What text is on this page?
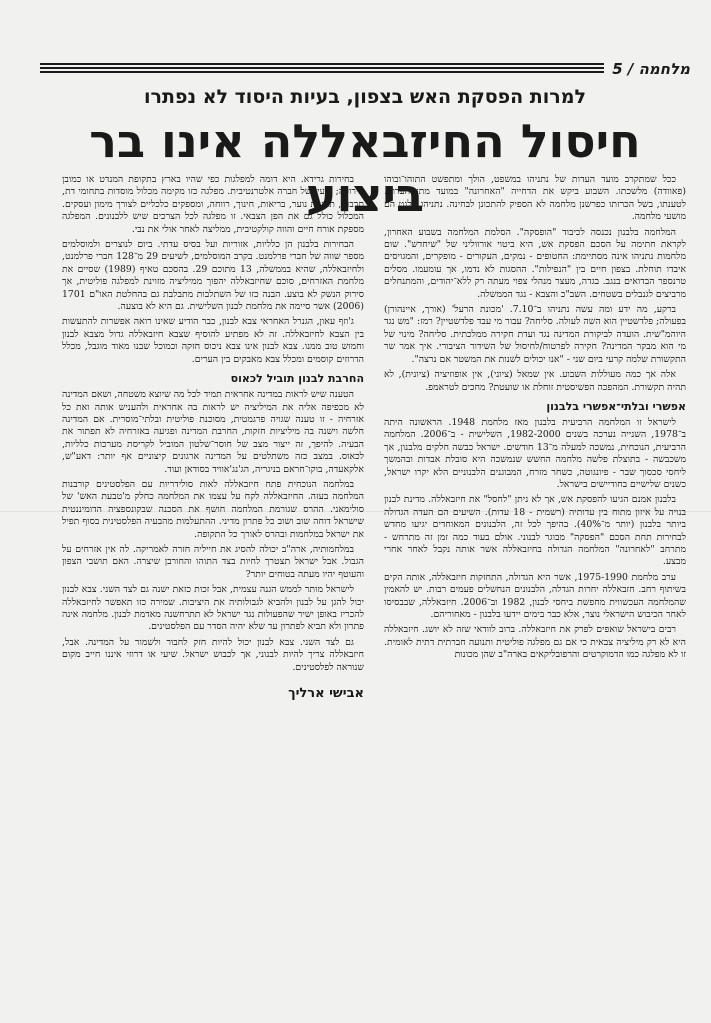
מלחמה / 5
למרות הפסקת האש בצפון, בעיות היסוד לא נפתרו
חיסול החיזבאללה אינו בר ביצוע

ככל שמתקרב מועד העדות של נתניהו במשפט, הולך ומתפשט התוהו־ובוהו (פאוודה) מלשכתו. השבוע ביקש את הדחייה "האחרונה" במועד מתן העדות. לטענתו, בשל הכרזתו כפרשנן מלחמה לא הספיק להתכונן לבחינה. נתניהו וגלנט הם מושעי מלחמה.

המלחמה בלבנון נכנסה לכיבוד "הופסקה". הסלמת המלחמה בשבוע האחרון, לקראת חתימה על הסכם הפסקת אש, היא ביטוי אורווליני של "שיחדש". שום מלחמות נתניהו אינה מסתיימת: החטופים - נמקים, העקורים - מופקרים, והמגויסים איבדו תוחלת. בצפון חיים בין "הנפילות". ההסגות לא נדמו, אך עומעמו. מסלים טרנספר הבדואים בנגב. בגדה, מעצר מנהלי צפוי מעתה רק ללא־יהודים, והמתנחלים מרביצים לגנבלים בשטחים. השב"כ והצבא - נגד הממשלה.

ברקע, מה ידע ומה עשה נתניהו ב־7.10. 'מכונת הרעל' (אורך, איינהורן) בפעולה; פלדשטיין הוא השה לעולה. סליחה? עבור מי עבד פלדשטיין? רמז: "מש נגד היוהמ"שית. הועדה לביקורת המדינה נגד ועדת חקירה ממלכתית. סליחה? מינוי של מי הוא מבקר המדינה? חקירה לפרטוח/לחיסול של השידור הציבורי. איך אמר שר התקשורת שלמה קרעי ביום שני - "אנו יכולים לשנות את המשטר אם נרצה".

אלה אך כמה מעוללות השבוע. אין שמאל (ציוני), אין אופוזיציה (ציונית), לא תהיה תקשורת. המהפכה הפשיסטית זוחלת או שועטת? מחכים לטראמפ.

אפשרי ובלתי־אפשרי בלבנון

לישראל זו המלחמה הרביעית בלבנון מאז מלחמת 1948. הראשונה היתה ב־1978, השנייה נערכה בשנים 1982-2000, השלישית - ב־2006. המלחמה הרביעית, הנוכחית, נמשכה למעלה מ־13 חודשים. ישראל כבשה חלקים מלבנון, אך משכבשה - בתוצלת פלשה מלחמה החשש שנמשכה היא סובלת אבדות ובהמשך ליחסי סכסוך שבר - פיונגוטה, כשחר מזרח, המבוגנים הלבנוניים הלא יקרו ישראל, כשנים שלישיים בחודיישים בישראל.

בלבנון אמנם הגיעו להפסקת אש, אך לא ניתן "לחסל" את חיזבאללה. מדינת לבנון בנויה על איזון מתוח בין עדותיה (רשמית - 18 עדות). השיעים הם העדה הגדולה ביותר בלבנון (יותר מ־40%). בהיפך לכל זה, הלבנונים המאוחדים יגיעו מחדש לבחירות תחת הסכם "הפסקה" מבוגר לבנוני. אולם בעוד כמה זמן זה מתרחש - מתרחב "לאחרונה" המלחמה הגדולה בחיזבאללה אשר אותה נקבל לאחר אחרי מבצע.

ערב מלחמת 1975-1990, אשר היא הגדולה, התחזקות חיזבאללה, אותה הקים בשיתוף רחב. חזבאללה יחרות הגדלה, הלבנונים הנחשלים פעמים רבות. יש להאמין שהמלחמה העכשווית מחפשת ביחסי לבנון, 1982 וב־2006. חיזבאללה, שבבסיסו לאחר הכיבוש הישראלי נוצר, אלא כבר בימים יידעו בלבנון - מאחוריהם.

רבים בישראל שואפים לפרק את חיזבאללה. ברוב לוודאי שזה לא יושג. חיזבאללה היא לא רק מיליציה צבאית כי אם גם מפלגה פוליטית ותנועה חברתית דתית לאומית. זו לא מפלגה כמו הדמוקרטים והרפובליקאים בארה"ב שהן מכונות

בחירות גרידא. היא דומה למפלגות כפי שהיו בארץ בתקופת המנדט או כמובן אירופה; גרעין של חברה אלטרנטיבית. מפלגה כזו מקימה מכלול מוסדות בתחומי דת, תרבות, תנועות נוער, בריאות, חינוך, רווחה, ומספקים כלכליים לצורך מימון ועסקים. המכלול כולל גם את הפן הצבאי. זו מפלגה לכל הצרכים שיש ללבנונים. המפלגה מספקת אורח חיים והווה קולקטיבית, ממליצה לאחר אולי את נבי.

הבחירות בלבנון הן כלליות, אזוריות ועל בסיס עדתי. ביום לנוצרים ולמוסלמים מספר שווה של חברי פרלמנט. בקרב המוסלמים, לשיעים 29 מ־128 חברי פרלמנט, ולחיזבאללה, שהיא בממשלה, 13 מתוכם 29. בהסכם טאיף (1989) שסיים את מלחמת האזרחים, סוכם שחיזבאללה יהפוך ממיליציה מזוינת למפלגה פוליטית, אך סירוק הנשק לא בוצע. הבנה כזו של השתלבות מתבלבת גם בהחלטת האו"ם 1701 (2006) אשר סיימה את מלחמת לבנון השלישית. גם היא לא בוצעה.

ג'וזף עאון, הגנרל האחראי צבא לבנון, כבר הודיע שאינו רואה אפשרות להתעשות בין הצבא לחיזבאללה. זה לא מפתיע להוסיף שצבא חיזבאללה גדול מצבא לבנון וחמוש טוב ממנו. צבא לבנון אינו צבא ניכוס חזקה וכמוכל שבנו מאוד מוגבל, מכלל הדרוזים קוסמים ומכלל צבא מאבקים בין הערים.

החרבת לבנון תוביל לכאוס

הטענה שיש לראות במדינה אחראית תמיד לכל מה שיוצא משטחה, ושאם המדינה לא מכפיפה אליה את המיליציה יש לראות בה אחראית ולהעניש אותה ואת כל אזרחיה - זו טענה שגויה פרגמטית, מסוכנת פוליטית ובלתי־מוסרית. אם המדינה חלשה וישנה בה מיליציות חזקות, החרבת המדינה ופגיעה באזרחיה לא תפתור את הבעיה. להיפך, זה ייצור מצב של חוסר־שלטון המוביל לקריסת מערכות כלליות, לכאוס. במצב כזה משתלטים על המדינה ארגונים קיצוניים אף יותר: דאע"ש, אלקאעדה, בוקו־חראם בניגריה, הג'נג'אוויד בסודאן ועוד.

במלחמה הנוכחית פתח חיזבאללה לאות סולידריות עם הפלסטינים קורבנות המלחמה בעזה. החיזבאללה לקח על עצמו את המלחמה כחלק מ'טבעת האש' של סולימאני. ההרס שגורמת המלחמה חושף את הסכנה שבקונספציה הדומיננטית שישראל דוחה שוב ושוב כל פתרון מדיני. ההתעלמות מהבעיה הפלסטינית בסוף תפיל את ישראל במלחמות ובהרס לאורך כל התקופה.

במלחמותיה, ארה"ב יכולה להסיג את חייליה חזרה לאמריקה. לה אין אזרחים על הגבול. אבל ישראל תצטרך לחיות בצד התוהו והחורבן שיצרה. האם תושבי הצפון והעוטף יהיו מעתה בטוחים יותר?

לישראל מותר לממש הגנה עצמית, אבל זכות כזאת ישנה גם לצד השני. צבא לבנון יכול להגן על לבנון ולהביא לגבולותיה את היציבות. שמירה כזו תאפשר לחיזבאללה להכריז באופן ישיר שהפעולות נגד ישראל לא תתרחשנה מאדמת לבנון. מלחמה אינה פתרון ולא תביא לפתרון עד שלא יהיה הסדר עם הפלסטינים.

גם לצד השני. צבא לבנון יכול להיות חזק לחבור ולשמור על המדינה. אבל, חיזבאללה צריך להיות לבנוני, אך לכבוש ישראל. שיעי או דרוזי איננו חייב מקום שנוראה לפלסטינים.

אבישי ארליך
